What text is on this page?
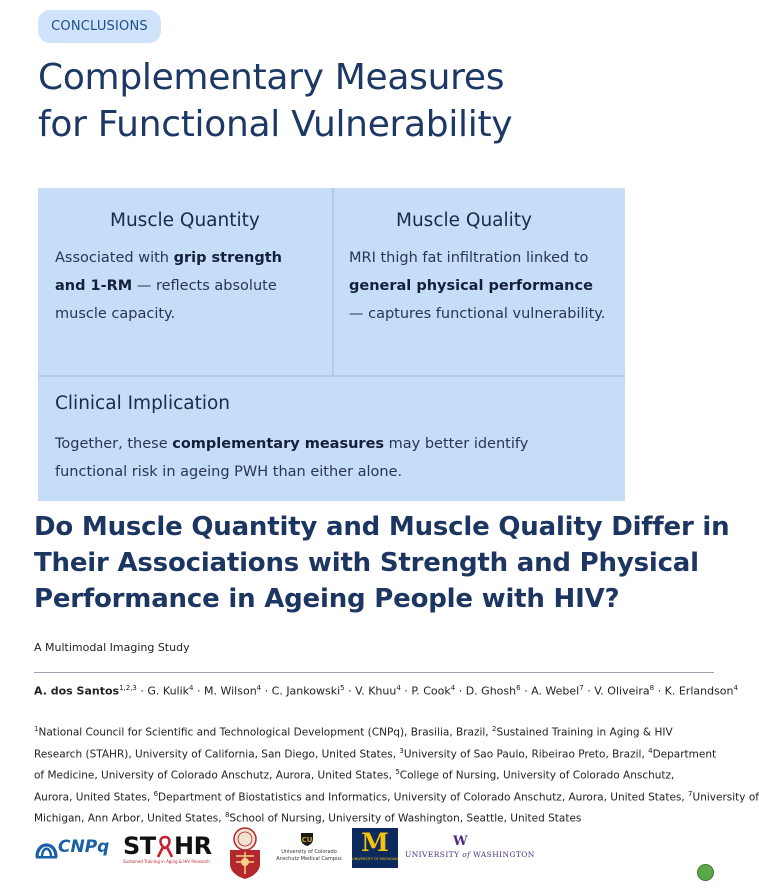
CONCLUSIONS
Complementary Measures
for Functional Vulnerability
Muscle Quantity

Associated with grip strength and 1-RM — reflects absolute muscle capacity.

Muscle Quality

MRI thigh fat infiltration linked to general physical performance — captures functional vulnerability.

Clinical Implication

Together, these complementary measures may better identify functional risk in ageing PWH than either alone.

Do Muscle Quantity and Muscle Quality Differ in Their Associations with Strength and Physical Performance in Ageing People with HIV?
A Multimodal Imaging Study
A. dos Santos$^{1,2,3}$ · G. Kulik$^4$ · M. Wilson$^4$ · C. Jankowski$^5$ · V. Khuu$^4$ · P. Cook$^4$ · D. Ghosh$^6$ · A. Webel$^7$ · V. Oliveira$^8$ · K. Erlandson$^4$
$^1$National Council for Scientific and Technological Development (CNPq), Brasilia, Brazil, $^2$Sustained Training in Aging & HIV
Research (STAHR), University of California, San Diego, United States, $^3$University of Sao Paulo, Ribeirao Preto, Brazil, $^4$Department
of Medicine, University of Colorado Anschutz, Aurora, United States, $^5$College of Nursing, University of Colorado Anschutz,
Aurora, United States, $^6$Department of Biostatistics and Informatics, University of Colorado Anschutz, Aurora, United States, $^7$University of
Michigan, Ann Arbor, United States, $^8$School of Nursing, University of Washington, Seattle, United States
CNPq ST HR
Sustained Training in Aging & HIV Research
CU
University of Colorado
Anschutz Medical Campus
M
UNIVERSITY OF MICHIGAN
W
UNIVERSITY of WASHINGTON
